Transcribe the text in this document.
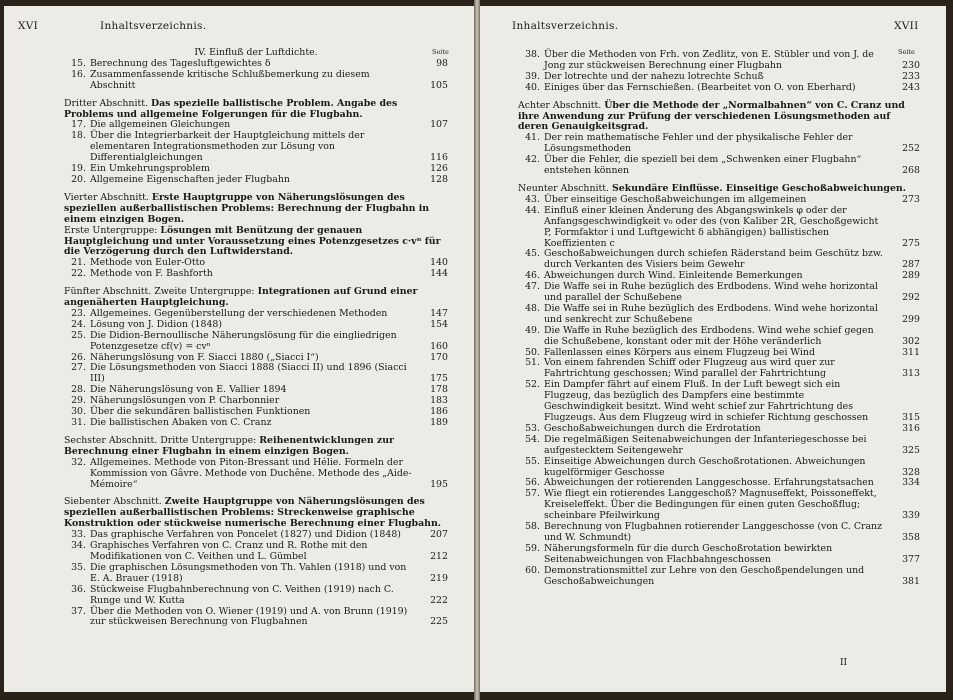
XVI	Inhaltsverzeichnis.
Seite
IV. Einfluß der Luftdichte.
15. Berechnung des Tagesluftgewichtes δ	98
16. Zusammenfassende kritische Schlußbemerkung zu diesem Abschnitt	105
Dritter Abschnitt. Das spezielle ballistische Problem. Angabe des Problems und allgemeine Folgerungen für die Flugbahn.
17. Die allgemeinen Gleichungen	107
18. Über die Integrierbarkeit der Hauptgleichung mittels der elementaren Integrationsmethoden zur Lösung von Differentialgleichungen	116
19. Ein Umkehrungsproblem	126
20. Allgemeine Eigenschaften jeder Flugbahn	128
Vierter Abschnitt. Erste Hauptgruppe von Näherungslösungen des speziellen außerballistischen Problems: Berechnung der Flugbahn in einem einzigen Bogen.
Erste Untergruppe: Lösungen mit Benützung der genauen Hauptgleichung und unter Voraussetzung eines Potenzgesetzes c·vⁿ für die Verzögerung durch den Luftwiderstand.
21. Methode von Euler-Otto	140
22. Methode von F. Bashforth	144
Fünfter Abschnitt. Zweite Untergruppe: Integrationen auf Grund einer angenäherten Hauptgleichung.
23. Allgemeines. Gegenüberstellung der verschiedenen Methoden	147
24. Lösung von J. Didion (1848)	154
25. Die Didion-Bernoullische Näherungslösung für die eingliedrigen Potenzgesetze cf(v) = cvⁿ	160
26. Näherungslösung von F. Siacci 1880 („Siacci I“)	170
27. Die Lösungsmethoden von Siacci 1888 (Siacci II) und 1896 (Siacci III)	175
28. Die Näherungslösung von E. Vallier 1894	178
29. Näherungslösungen von P. Charbonnier	183
30. Über die sekundären ballistischen Funktionen	186
31. Die ballistischen Abaken von C. Cranz	189
Sechster Abschnitt. Dritte Untergruppe: Reihenentwicklungen zur Berechnung einer Flugbahn in einem einzigen Bogen.
32. Allgemeines. Methode von Piton-Bressant und Hélie. Formeln der Kommission von Gâvre. Methode von Duchêne. Methode des „Aide-Mémoire“	195
Siebenter Abschnitt. Zweite Hauptgruppe von Näherungslösungen des speziellen außerballistischen Problems: Streckenweise graphische Konstruktion oder stückweise numerische Berechnung einer Flugbahn.
33. Das graphische Verfahren von Poncelet (1827) und Didion (1848)	207
34. Graphisches Verfahren von C. Cranz und R. Rothe mit den Modifikationen von C. Veithen und L. Gümbel	212
35. Die graphischen Lösungsmethoden von Th. Vahlen (1918) und von E. A. Brauer (1918)	219
36. Stückweise Flugbahnberechnung von C. Veithen (1919) nach C. Runge und W. Kutta	222
37. Über die Methoden von O. Wiener (1919) und A. von Brunn (1919) zur stückweisen Berechnung von Flugbahnen	225
Inhaltsverzeichnis.	XVII
Seite
38. Über die Methoden von Frh. von Zedlitz, von E. Stübler und von J. de Jong zur stückweisen Berechnung einer Flugbahn	230
39. Der lotrechte und der nahezu lotrechte Schuß	233
40. Einiges über das Fernschießen. (Bearbeitet von O. von Eberhard)	243
Achter Abschnitt. Über die Methode der „Normalbahnen“ von C. Cranz und ihre Anwendung zur Prüfung der verschiedenen Lösungsmethoden auf deren Genauigkeitsgrad.
41. Der rein mathematische Fehler und der physikalische Fehler der Lösungsmethoden	252
42. Über die Fehler, die speziell bei dem „Schwenken einer Flugbahn“ entstehen können	268
Neunter Abschnitt. Sekundäre Einflüsse. Einseitige Geschoßabweichungen.
43. Über einseitige Geschoßabweichungen im allgemeinen	273
44. Einfluß einer kleinen Änderung des Abgangswinkels φ oder der Anfangsgeschwindigkeit v₀ oder des (von Kaliber 2R, Geschoßgewicht P, Formfaktor i und Luftgewicht δ abhängigen) ballistischen Koeffizienten c	275
45. Geschoßabweichungen durch schiefen Räderstand beim Geschütz bzw. durch Verkanten des Visiers beim Gewehr	287
46. Abweichungen durch Wind. Einleitende Bemerkungen	289
47. Die Waffe sei in Ruhe bezüglich des Erdbodens. Wind wehe horizontal und parallel der Schußebene	292
48. Die Waffe sei in Ruhe bezüglich des Erdbodens. Wind wehe horizontal und senkrecht zur Schußebene	299
49. Die Waffe in Ruhe bezüglich des Erdbodens. Wind wehe schief gegen die Schußebene, konstant oder mit der Höhe veränderlich	302
50. Fallenlassen eines Körpers aus einem Flugzeug bei Wind	311
51. Von einem fahrenden Schiff oder Flugzeug aus wird quer zur Fahrtrichtung geschossen; Wind parallel der Fahrtrichtung	313
52. Ein Dampfer fährt auf einem Fluß. In der Luft bewegt sich ein Flugzeug, das bezüglich des Dampfers eine bestimmte Geschwindigkeit besitzt. Wind weht schief zur Fahrtrichtung des Flugzeugs. Aus dem Flugzeug wird in schiefer Richtung geschossen	315
53. Geschoßabweichungen durch die Erdrotation	316
54. Die regelmäßigen Seitenabweichungen der Infanteriegeschosse bei aufgestecktem Seitengewehr	325
55. Einseitige Abweichungen durch Geschoßrotationen. Abweichungen kugelförmiger Geschosse	328
56. Abweichungen der rotierenden Langgeschosse. Erfahrungstatsachen	334
57. Wie fliegt ein rotierendes Langgeschoß? Magnuseffekt, Poissoneffekt, Kreiseleffekt. Über die Bedingungen für einen guten Geschoßflug; scheinbare Pfeilwirkung	339
58. Berechnung von Flugbahnen rotierender Langgeschosse (von C. Cranz und W. Schmundt)	358
59. Näherungsformeln für die durch Geschoßrotation bewirkten Seitenabweichungen von Flachbahngeschossen	377
60. Demonstrationsmittel zur Lehre von den Geschoßpendelungen und Geschoßabweichungen	381
II
